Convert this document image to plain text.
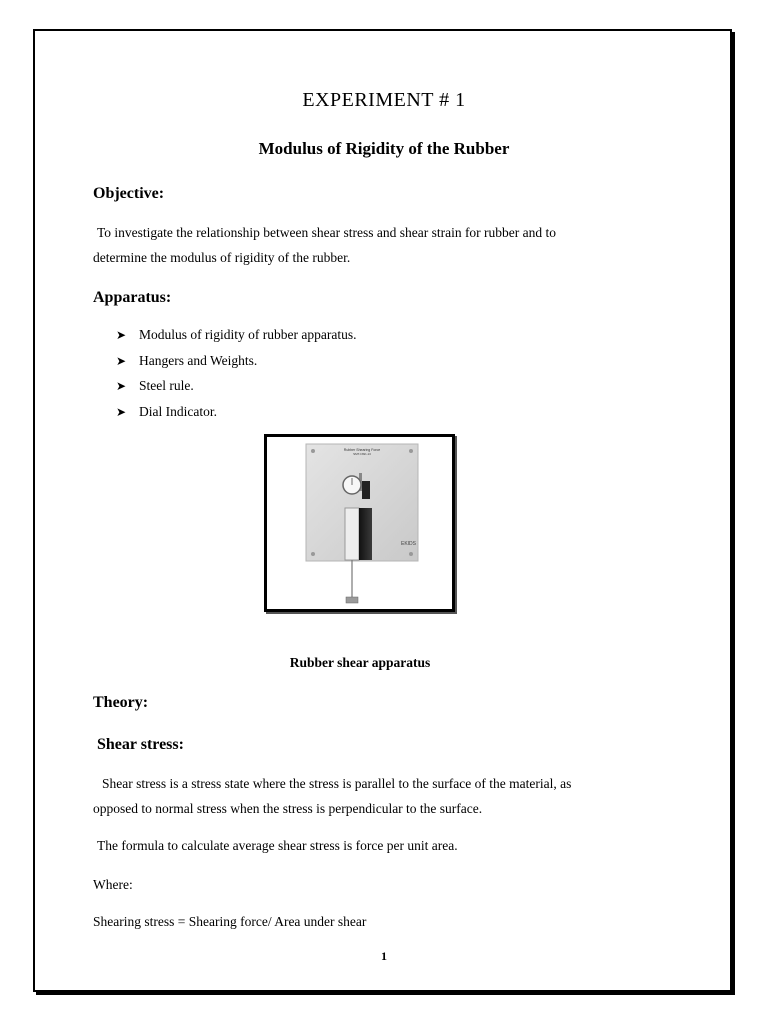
EXPERIMENT # 1
Modulus of Rigidity of the Rubber
Objective:
To investigate the relationship between shear stress and shear strain for rubber and to
determine the modulus of rigidity of the rubber.
Apparatus:
➤ Modulus of rigidity of rubber apparatus.
➤ Hangers and Weights.
➤ Steel rule.
➤ Dial Indicator.
Rubber Shearing Force
SMT-NSK-13
EKIDS
Rubber shear apparatus
Theory:
Shear stress:
Shear stress is a stress state where the stress is parallel to the surface of the material, as
opposed to normal stress when the stress is perpendicular to the surface.
The formula to calculate average shear stress is force per unit area.
Where:
Shearing stress = Shearing force/ Area under shear
1
